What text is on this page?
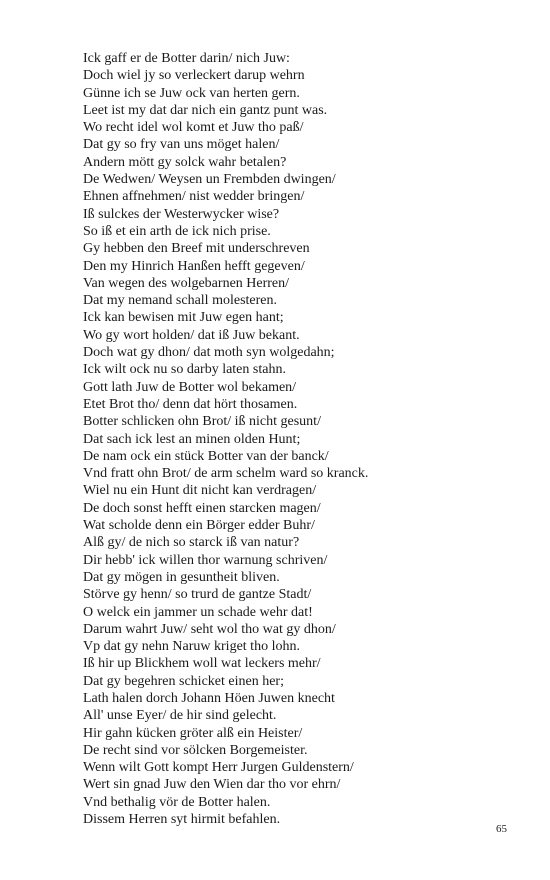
Ick gaff er de Botter darin/ nich Juw:
Doch wiel jy so verleckert darup wehrn
Günne ich se Juw ock van herten gern.
Leet ist my dat dar nich ein gantz punt was.
Wo recht idel wol komt et Juw tho paß/
Dat gy so fry van uns möget halen/
Andern mött gy solck wahr betalen?
De Wedwen/ Weysen un Frembden dwingen/
Ehnen affnehmen/ nist wedder bringen/
Iß sulckes der Westerwycker wise?
So iß et ein arth de ick nich prise.
Gy hebben den Breef mit underschreven
Den my Hinrich Hanßen hefft gegeven/
Van wegen des wolgebarnen Herren/
Dat my nemand schall molesteren.
Ick kan bewisen mit Juw egen hant;
Wo gy wort holden/ dat iß Juw bekant.
Doch wat gy dhon/ dat moth syn wolgedahn;
Ick wilt ock nu so darby laten stahn.
Gott lath Juw de Botter wol bekamen/
Etet Brot tho/ denn dat hört thosamen.
Botter schlicken ohn Brot/ iß nicht gesunt/
Dat sach ick lest an minen olden Hunt;
De nam ock ein stück Botter van der banck/
Vnd fratt ohn Brot/ de arm schelm ward so kranck.
Wiel nu ein Hunt dit nicht kan verdragen/
De doch sonst hefft einen starcken magen/
Wat scholde denn ein Börger edder Buhr/
Alß gy/ de nich so starck iß van natur?
Dir hebb' ick willen thor warnung schriven/
Dat gy mögen in gesuntheit bliven.
Störve gy henn/ so trurd de gantze Stadt/
O welck ein jammer un schade wehr dat!
Darum wahrt Juw/ seht wol tho wat gy dhon/
Vp dat gy nehn Naruw kriget tho lohn.
Iß hir up Blickhem woll wat leckers mehr/
Dat gy begehren schicket einen her;
Lath halen dorch Johann Höen Juwen knecht
All' unse Eyer/ de hir sind gelecht.
Hir gahn kücken gröter alß ein Heister/
De recht sind vor sölcken Borgemeister.
Wenn wilt Gott kompt Herr Jurgen Guldenstern/
Wert sin gnad Juw den Wien dar tho vor ehrn/
Vnd bethalig vör de Botter halen.
Dissem Herren syt hirmit befahlen.
65
